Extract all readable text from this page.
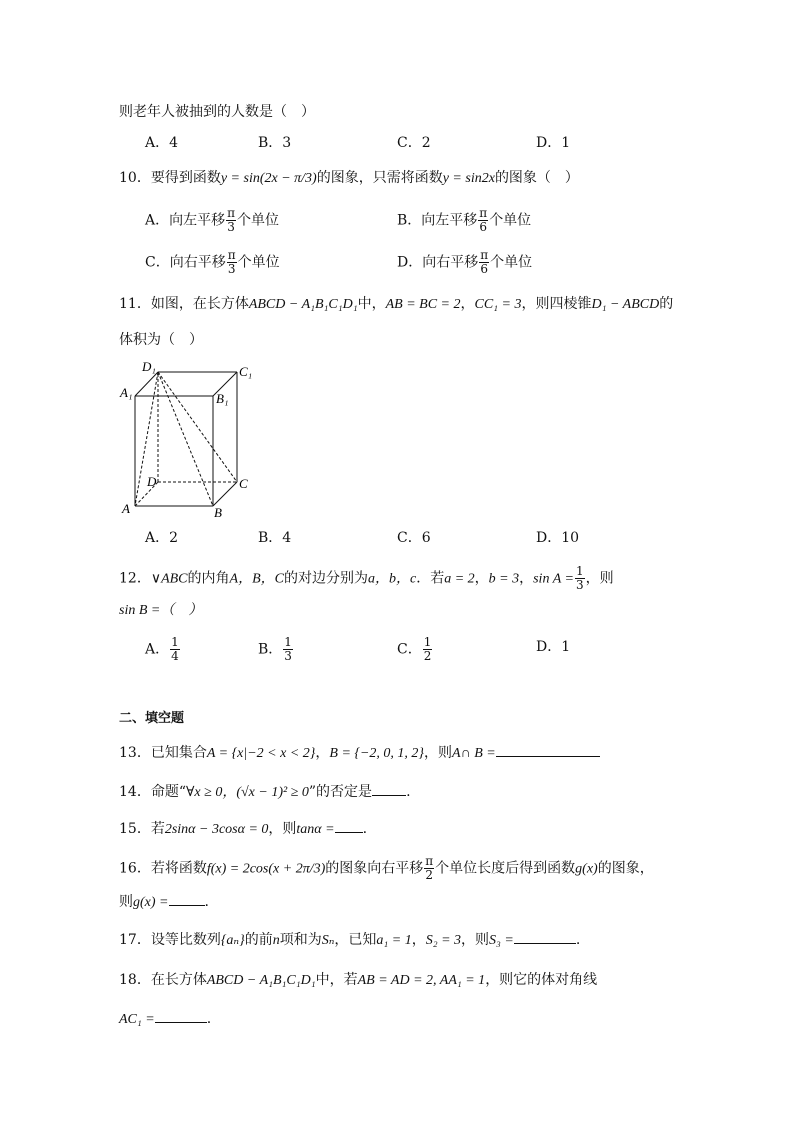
则老年人被抽到的人数是（　）
A．4	B．3	C．2	D．1
10．要得到函数y = sin(2x − π/3)的图象，只需将函数y = sin2x的图象（　）
A．向左平移 $\frac{\pi}{3}$ 个单位	B．向左平移 $\frac{\pi}{6}$ 个单位
C．向右平移 $\frac{\pi}{3}$ 个单位	D．向右平移 $\frac{\pi}{6}$ 个单位
11．如图，在长方体ABCD − A₁B₁C₁D₁中，AB = BC = 2，CC₁ = 3，则四棱锥D₁ − ABCD的
体积为（　）
D₁	C₁
A₁	B₁
D	C
A	B
A．2	B．4	C．6	D．10
12．∨ABC的内角A，B，C的对边分别为a，b，c．若a = 2，b = 3，$\sin A = \frac{1}{3}$ ，则
sin B =（　）
A． $\frac{1}{4}$	B． $\frac{1}{3}$	C． $\frac{1}{2}$	D．1
二、填空题
13．已知集合A = {x|−2 < x < 2}，B = {−2, 0, 1, 2}，则A∩ B =
14．命题“∀x ≥ 0，(√x − 1)² ≥ 0”的否定是 .
15．若2sinα − 3cosα = 0，则tanα = .
16．若将函数f(x) = 2cos(x + 2π/3)的图象向右平移 $\frac{\pi}{2}$ 个单位长度后得到函数g(x)的图象，
则g(x) =	.
17．设等比数列{aₙ}的前n项和为Sₙ，已知a₁ = 1，S₂ = 3，则S₃ =	.
18．在长方体ABCD − A₁B₁C₁D₁中，若AB = AD = 2, AA₁ = 1，则它的体对角线
AC₁ =	.
